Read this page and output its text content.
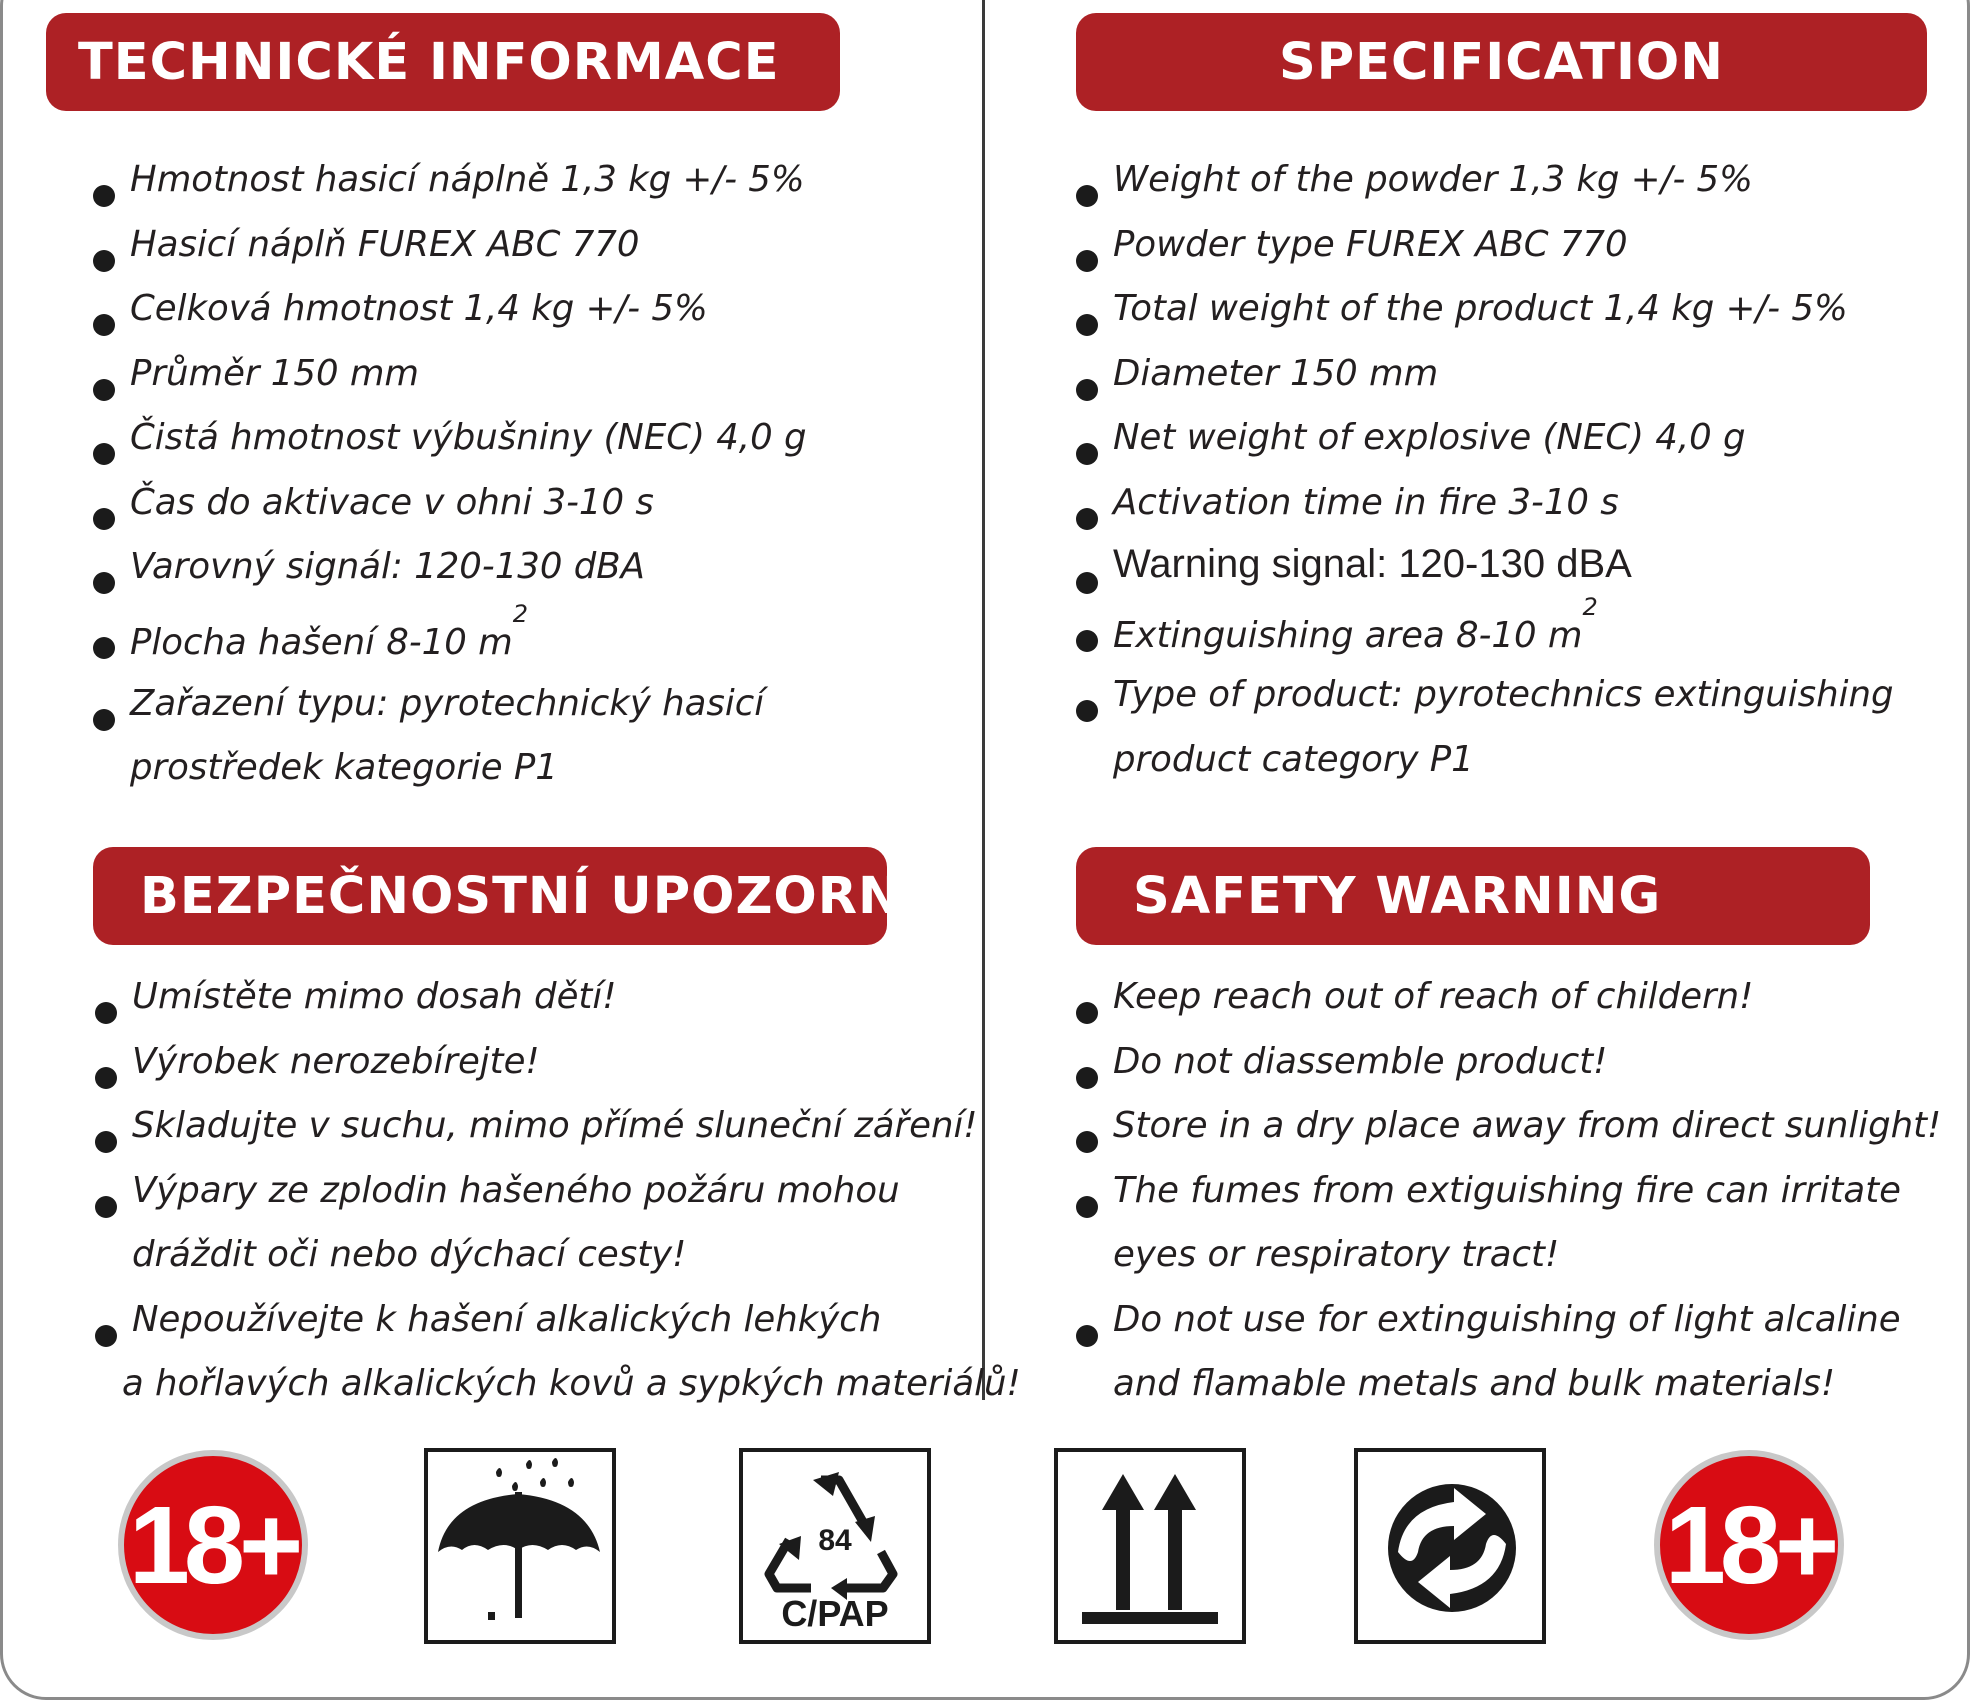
TECHNICKÉ INFORMACE
Hmotnost hasicí náplně 1,3 kg +/- 5%
Hasicí náplň FUREX ABC 770
Celková hmotnost 1,4 kg +/- 5%
Průměr 150 mm
Čistá hmotnost výbušniny (NEC) 4,0 g
Čas do aktivace v ohni 3-10 s
Varovný signál: 120-130 dBA
Plocha hašení 8-10 $m^2$
Zařazení typu: pyrotechnický hasicí
prostředek kategorie P1
BEZPEČNOSTNÍ UPOZORNĚNÍ
Umístěte mimo dosah dětí!
Výrobek nerozebírejte!
Skladujte v suchu, mimo přímé sluneční záření!
Výpary ze zplodin hašeného požáru mohou
dráždit oči nebo dýchací cesty!
Nepoužívejte k hašení alkalických lehkých
a hořlavých alkalických kovů a sypkých materiálů!
SPECIFICATION
Weight of the powder 1,3 kg +/- 5%
Powder type FUREX ABC 770
Total weight of the product 1,4 kg +/- 5%
Diameter 150 mm
Net weight of explosive (NEC) 4,0 g
Activation time in fire 3-10 s
Warning signal: 120-130 dBA
Extinguishing area 8-10 $m^2$
Type of product: pyrotechnics extinguishing
product category P1
SAFETY WARNING
Keep reach out of reach of childern!
Do not diassemble product!
Store in a dry place away from direct sunlight!
The fumes from extiguishing fire can irritate
eyes or respiratory tract!
Do not use for extinguishing of light alcaline
and flamable metals and bulk materials!
18+	84
C/PAP
18+
